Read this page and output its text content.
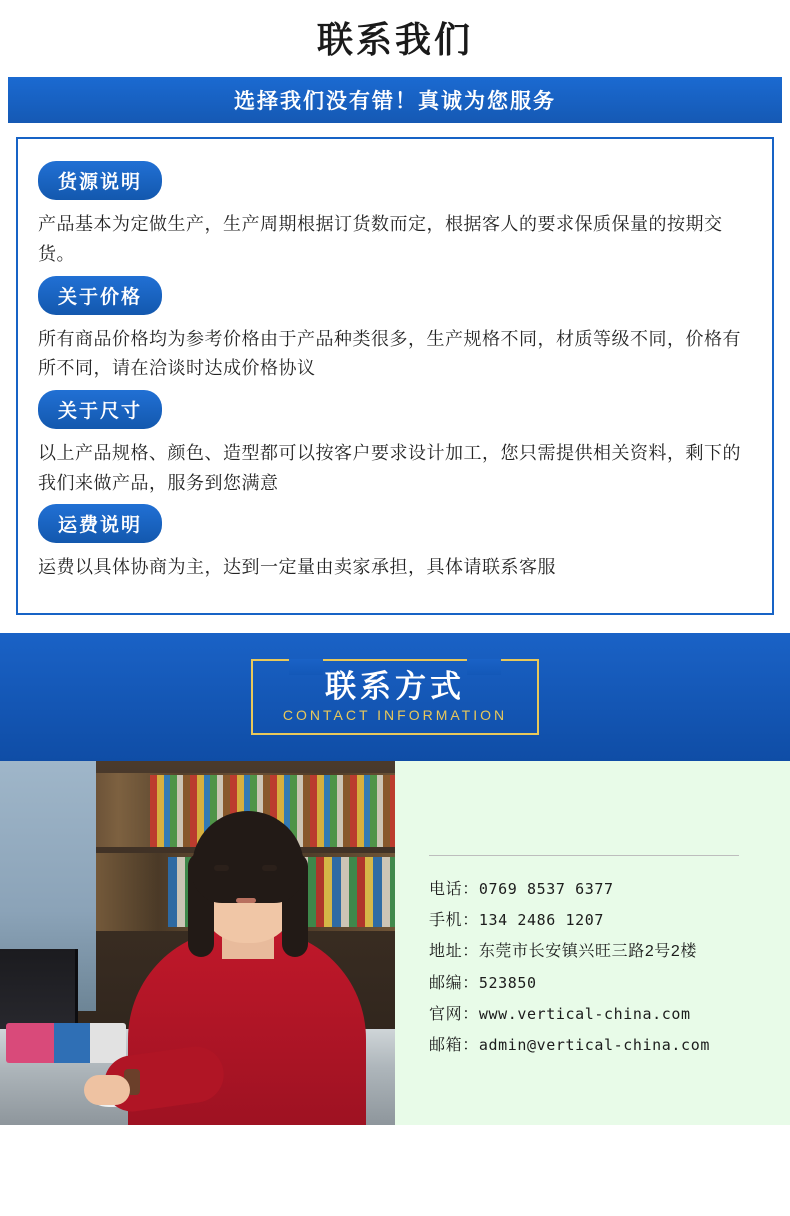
联系我们
选择我们没有错！真诚为您服务
货源说明
产品基本为定做生产，生产周期根据订货数而定，根据客人的要求保质保量的按期交货。
关于价格
所有商品价格均为参考价格由于产品种类很多，生产规格不同，材质等级不同，价格有所不同，请在洽谈时达成价格协议
关于尺寸
以上产品规格、颜色、造型都可以按客户要求设计加工，您只需提供相关资料，剩下的我们来做产品，服务到您满意
运费说明
运费以具体协商为主，达到一定量由卖家承担，具体请联系客服
联系方式
CONTACT INFORMATION
电话：0769 8537 6377
手机：134 2486 1207
地址：东莞市长安镇兴旺三路2号2楼
邮编：523850
官网：www.vertical-china.com
邮箱：admin@vertical-china.com
